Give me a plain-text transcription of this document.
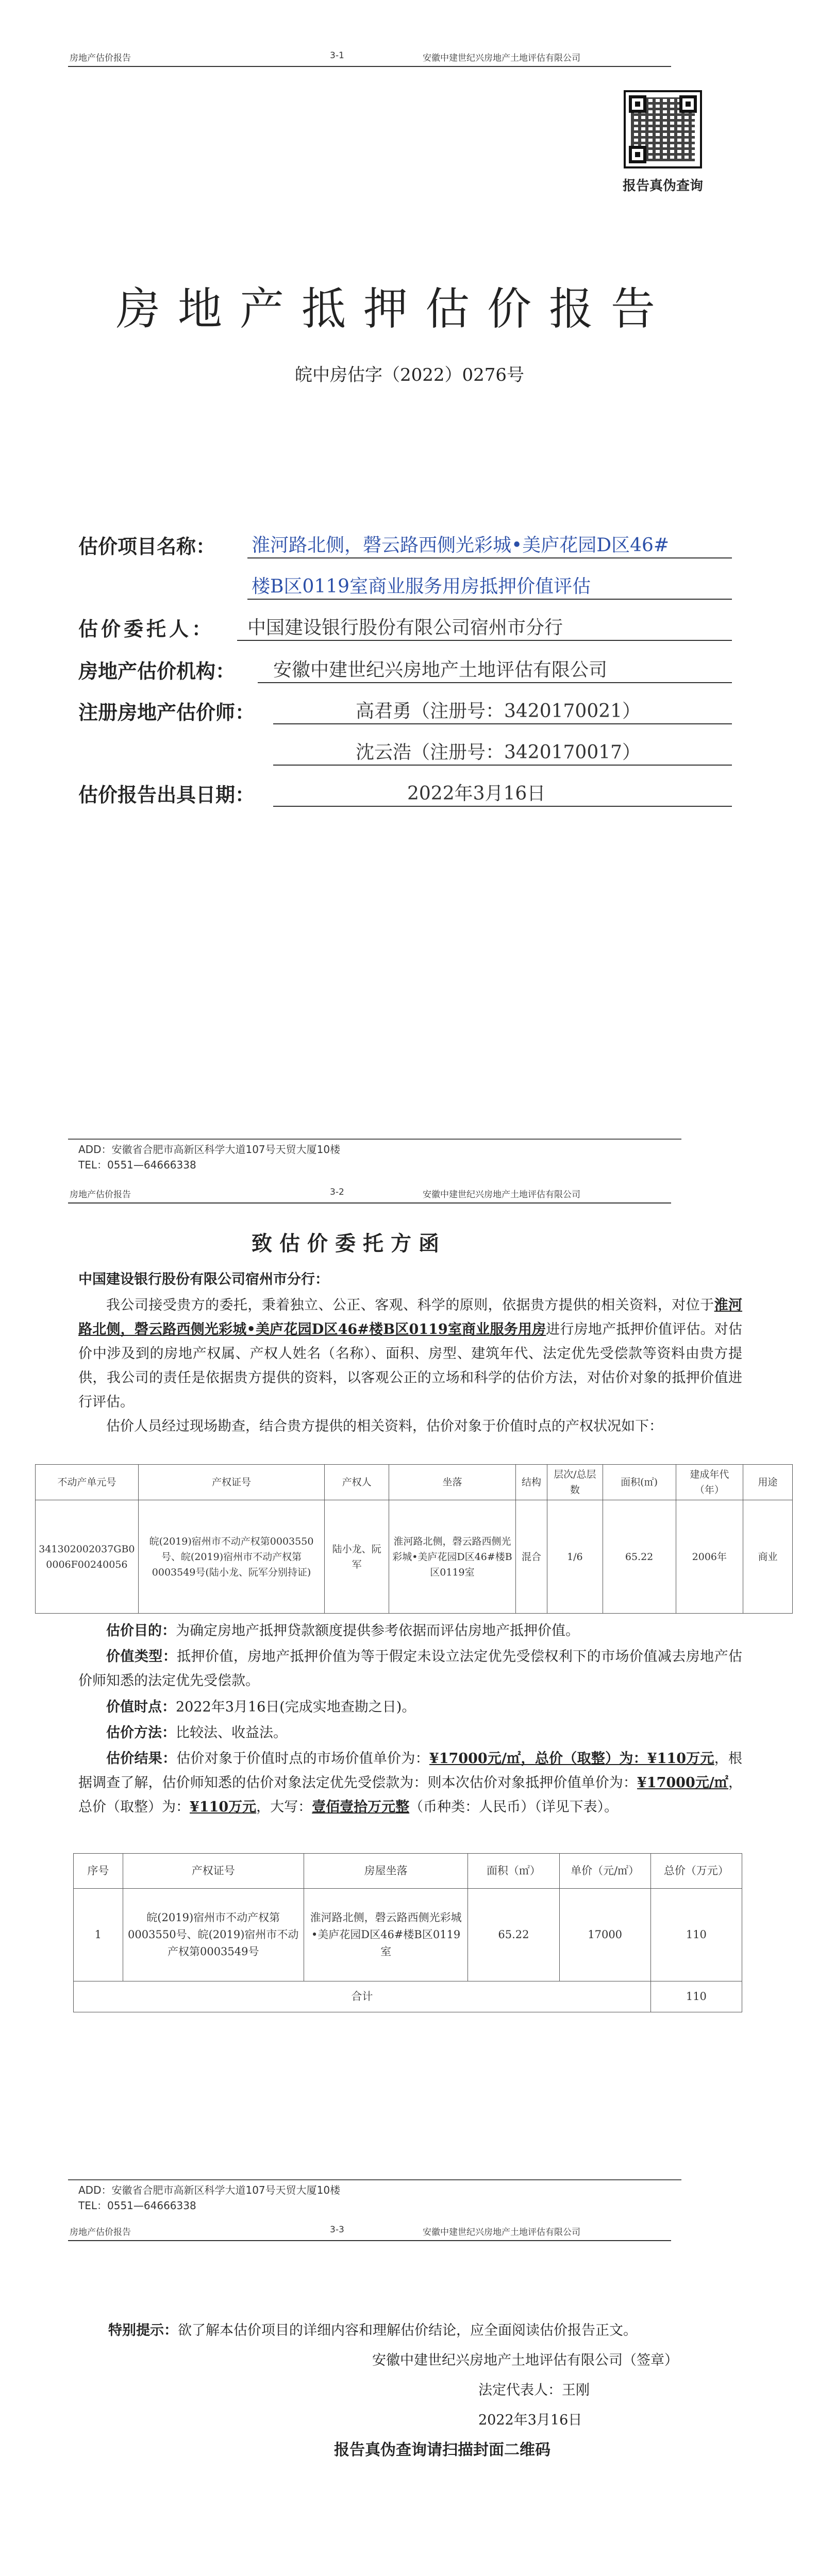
房地产估价报告	3-1	安徽中建世纪兴房地产土地评估有限公司
报告真伪查询
房地产抵押估价报告
皖中房估字（2022）0276号
估价项目名称： 淮河路北侧，磬云路西侧光彩城•美庐花园D区46#
楼B区0119室商业服务用房抵押价值评估
估价委托人： 中国建设银行股份有限公司宿州市分行
房地产估价机构： 安徽中建世纪兴房地产土地评估有限公司
注册房地产估价师：	高君勇（注册号：3420170021）
沈云浩（注册号：3420170017）
估价报告出具日期：	2022年3月16日
ADD：安徽省合肥市高新区科学大道107号天贸大厦10楼
TEL：0551—64666338
房地产估价报告	3-2	安徽中建世纪兴房地产土地评估有限公司
致估价委托方函
中国建设银行股份有限公司宿州市分行：
我公司接受贵方的委托，秉着独立、公正、客观、科学的原则，依据贵方提供的相关资料，对位于淮河路北侧，磬云路西侧光彩城•美庐花园D区46#楼B区0119室商业服务用房进行房地产抵押价值评估。对估价中涉及到的房地产权属、产权人姓名（名称）、面积、房型、建筑年代、法定优先受偿款等资料由贵方提供，我公司的责任是依据贵方提供的资料，以客观公正的立场和科学的估价方法，对估价对象的抵押价值进行评估。
估价人员经过现场勘查，结合贵方提供的相关资料，估价对象于价值时点的产权状况如下：
不动产单元号	产权证号	产权人	坐落	结构	层次/总层数	面积(㎡)	建成年代（年）	用途
341302002037GB00006F00240056	皖(2019)宿州市不动产权第0003550号、皖(2019)宿州市不动产权第0003549号(陆小龙、阮军分别持证)	陆小龙、阮军	淮河路北侧，磬云路西侧光彩城•美庐花园D区46#楼B区0119室	混合	1/6	65.22	2006年	商业
估价目的：为确定房地产抵押贷款额度提供参考依据而评估房地产抵押价值。
价值类型：抵押价值，房地产抵押价值为等于假定未设立法定优先受偿权利下的市场价值减去房地产估价师知悉的法定优先受偿款。
价值时点：2022年3月16日(完成实地查勘之日)。
估价方法：比较法、收益法。
估价结果：估价对象于价值时点的市场价值单价为：¥17000元/㎡，总价（取整）为：¥110万元，根据调查了解，估价师知悉的估价对象法定优先受偿款为：则本次估价对象抵押价值单价为：¥17000元/㎡，总价（取整）为：¥110万元，大写：壹佰壹拾万元整（币种类：人民币）（详见下表）。
序号	产权证号	房屋坐落	面积（㎡）	单价（元/㎡）	总价（万元）
1	皖(2019)宿州市不动产权第0003550号、皖(2019)宿州市不动产权第0003549号	淮河路北侧，磬云路西侧光彩城•美庐花园D区46#楼B区0119室	65.22	17000	110
合计					110
ADD：安徽省合肥市高新区科学大道107号天贸大厦10楼
TEL：0551—64666338
房地产估价报告	3-3	安徽中建世纪兴房地产土地评估有限公司
特别提示：欲了解本估价项目的详细内容和理解估价结论，应全面阅读估价报告正文。
安徽中建世纪兴房地产土地评估有限公司（签章）
法定代表人：王刚
2022年3月16日
报告真伪查询请扫描封面二维码
